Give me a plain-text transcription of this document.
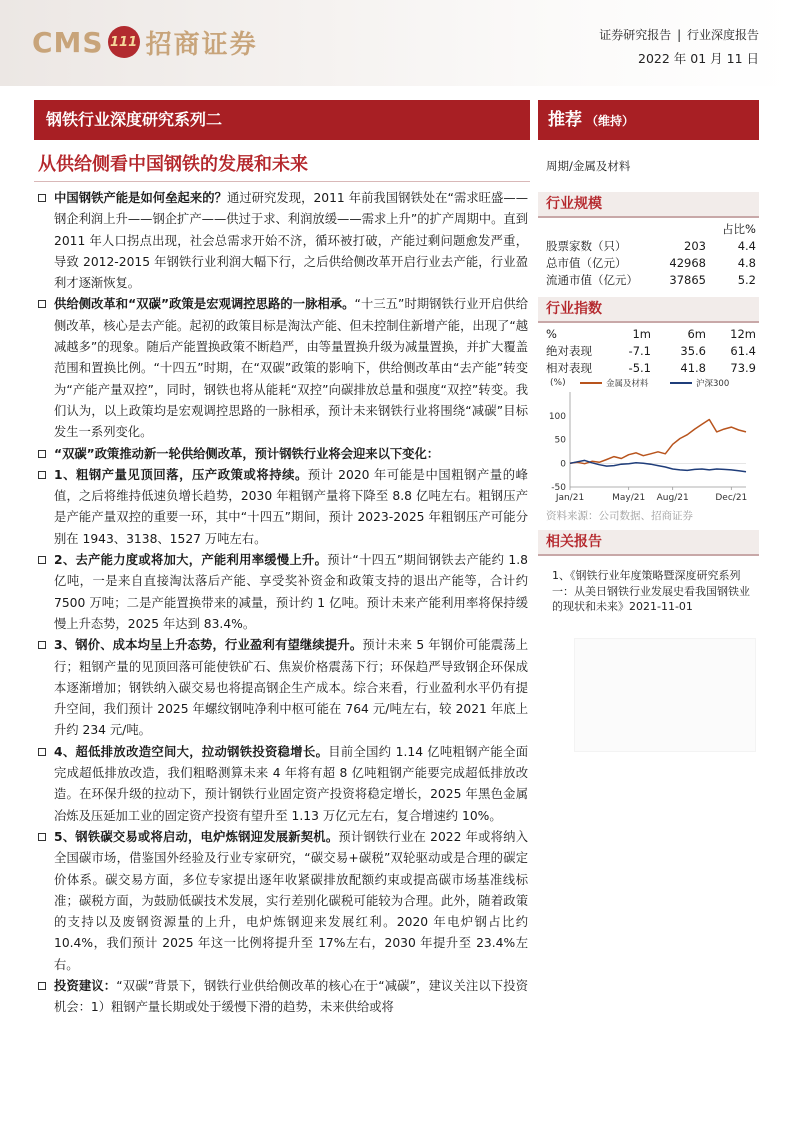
CMS 111 招商证券	证券研究报告 | 行业深度报告
2022 年 01 月 11 日
钢铁行业深度研究系列二	推荐 （维持）
从供给侧看中国钢铁的发展和未来	周期/金属及材料
中国钢铁产能是如何垒起来的？通过研究发现，2011 年前我国钢铁处在“需求旺盛——钢企利润上升——钢企扩产——供过于求、利润放缓——需求上升”的扩产周期中。直到 2011 年人口拐点出现，社会总需求开始不济，循环被打破，产能过剩问题愈发严重，导致 2012-2015 年钢铁行业利润大幅下行，之后供给侧改革开启行业去产能，行业盈利才逐渐恢复。
供给侧改革和“双碳”政策是宏观调控思路的一脉相承。“十三五”时期钢铁行业开启供给侧改革，核心是去产能。起初的政策目标是淘汰产能、但未控制住新增产能，出现了“越减越多”的现象。随后产能置换政策不断趋严，由等量置换升级为减量置换，并扩大覆盖范围和置换比例。“十四五”时期，在“双碳”政策的影响下，供给侧改革由“去产能”转变为“产能产量双控”，同时，钢铁也将从能耗“双控”向碳排放总量和强度“双控”转变。我们认为，以上政策均是宏观调控思路的一脉相承，预计未来钢铁行业将围绕“减碳”目标发生一系列变化。
“双碳”政策推动新一轮供给侧改革，预计钢铁行业将会迎来以下变化：
1、粗钢产量见顶回落，压产政策或将持续。预计 2020 年可能是中国粗钢产量的峰值，之后将维持低速负增长趋势，2030 年粗钢产量将下降至 8.8 亿吨左右。粗钢压产是产能产量双控的重要一环，其中“十四五”期间，预计 2023-2025 年粗钢压产可能分别在 1943、3138、1527 万吨左右。
2、去产能力度或将加大，产能利用率缓慢上升。预计“十四五”期间钢铁去产能约 1.8 亿吨，一是来自直接淘汰落后产能、享受奖补资金和政策支持的退出产能等，合计约 7500 万吨；二是产能置换带来的减量，预计约 1 亿吨。预计未来产能利用率将保持缓慢上升态势，2025 年达到 83.4%。
3、钢价、成本均呈上升态势，行业盈利有望继续提升。预计未来 5 年钢价可能震荡上行；粗钢产量的见顶回落可能使铁矿石、焦炭价格震荡下行；环保趋严导致钢企环保成本逐渐增加；钢铁纳入碳交易也将提高钢企生产成本。综合来看，行业盈利水平仍有提升空间，我们预计 2025 年螺纹钢吨净利中枢可能在 764 元/吨左右，较 2021 年底上升约 234 元/吨。
4、超低排放改造空间大，拉动钢铁投资稳增长。目前全国约 1.14 亿吨粗钢产能全面完成超低排放改造，我们粗略测算未来 4 年将有超 8 亿吨粗钢产能要完成超低排放改造。在环保升级的拉动下，预计钢铁行业固定资产投资将稳定增长，2025 年黑色金属冶炼及压延加工业的固定资产投资有望升至 1.13 万亿元左右，复合增速约 10%。
5、钢铁碳交易或将启动，电炉炼钢迎发展新契机。预计钢铁行业在 2022 年或将纳入全国碳市场，借鉴国外经验及行业专家研究，“碳交易+碳税”双轮驱动或是合理的碳定价体系。碳交易方面，多位专家提出逐年收紧碳排放配额约束或提高碳市场基准线标准；碳税方面，为鼓励低碳技术发展，实行差别化碳税可能较为合理。此外，随着政策的支持以及废钢资源量的上升，电炉炼钢迎来发展红利。2020 年电炉钢占比约 10.4%，我们预计 2025 年这一比例将提升至 17%左右，2030 年提升至 23.4%左右。
投资建议：“双碳”背景下，钢铁行业供给侧改革的核心在于“减碳”，建议关注以下投资机会：1）粗钢产量长期或处于缓慢下滑的趋势，未来供给或将
行业规模
		占比%
股票家数（只）	203	4.4
总市值（亿元）	42968	4.8
流通市值（亿元）	37865	5.2
行业指数
%	1m	6m	12m
绝对表现	-7.1	35.6	61.4
相对表现	-5.1	41.8	73.9
(%)	金属及材料	沪深300
-50
0
50
100
Jan/21	May/21 Aug/21	Dec/21
资料来源：公司数据、招商证券
相关报告
1、《钢铁行业年度策略暨深度研究系列一：从美日钢铁行业发展史看我国钢铁业的现状和未来》2021-11-01
